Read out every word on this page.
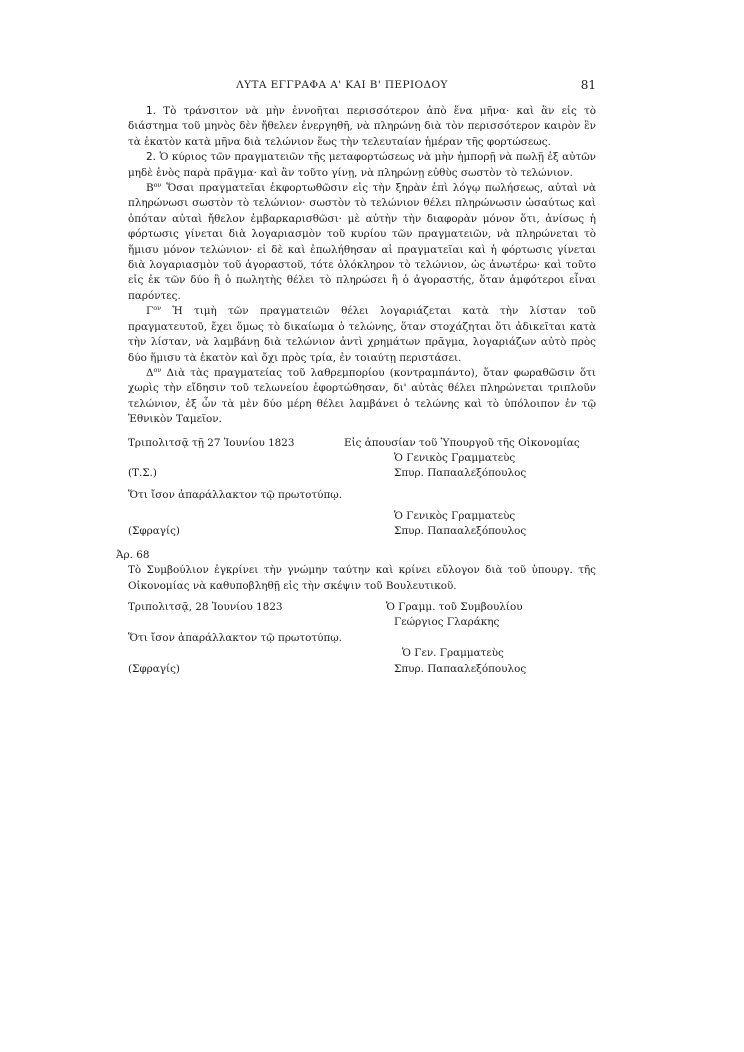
ΛΥΤΑ ΕΓΓΡΑΦΑ Α' ΚΑΙ Β' ΠΕΡΙΟΔΟΥ	81

1. Τὸ τράνσιτον νὰ μὴν ἐννοῆται περισσότερον ἀπὸ ἕνα μῆνα· καὶ ἂν εἰς τὸ διάστημα τοῦ μηνὸς δὲν ἤθελεν ἐνεργηθῆ, νὰ πληρώνῃ διὰ τὸν περισσότερον καιρὸν ἓν τὰ ἑκατὸν κατὰ μῆνα διὰ τελώνιον ἕως τὴν τελευταίαν ἡμέραν τῆς φορτώσεως.

2. Ὁ κύριος τῶν πραγματειῶν τῆς μεταφορτώσεως νὰ μὴν ἠμπορῇ νὰ πωλῇ ἐξ αὐτῶν μηδὲ ἑνὸς παρὰ πρᾶγμα· καὶ ἂν τοῦτο γίνῃ, νὰ πληρώνῃ εὐθὺς σωστὸν τὸ τελώνιον.

$B^{o\nu}$ Ὅσαι πραγματεῖαι ἐκφορτωθῶσιν εἰς τὴν ξηρὰν ἐπὶ λόγῳ πωλήσεως, αὐταὶ νὰ πληρώνωσι σωστὸν τὸ τελώνιον· σωστὸν τὸ τελώνιον θέλει πληρώνωσιν ὡσαύτως καὶ ὁπόταν αὐταὶ ἤθελον ἐμβαρκαρισθῶσι· μὲ αὐτὴν τὴν διαφορὰν μόνον ὅτι, ἀνίσως ἡ φόρτωσις γίνεται διὰ λογαριασμὸν τοῦ κυρίου τῶν πραγματειῶν, νὰ πληρώνεται τὸ ἥμισυ μόνον τελώνιον· εἰ δὲ καὶ ἐπωλήθησαν αἱ πραγματεῖαι καὶ ἡ φόρτωσις γίνεται διὰ λογαριασμὸν τοῦ ἀγοραστοῦ, τότε ὁλόκληρον τὸ τελώνιον, ὡς ἀνωτέρω· καὶ τοῦτο εἰς ἐκ τῶν δύο ἢ ὁ πωλητὴς θέλει τὸ πληρώσει ἢ ὁ ἀγοραστής, ὅταν ἀμφότεροι εἶναι παρόντες.

$\Gamma^{o\nu}$ Ἡ τιμὴ τῶν πραγματειῶν θέλει λογαριάζεται κατὰ τὴν λίσταν τοῦ πραγματευτοῦ, ἔχει ὅμως τὸ δικαίωμα ὁ τελώνης, ὅταν στοχάζηται ὅτι ἀδικεῖται κατὰ τὴν λίσταν, νὰ λαμβάνῃ διὰ τελώνιον ἀντὶ χρημάτων πρᾶγμα, λογαριάζων αὐτὸ πρὸς δύο ἥμισυ τὰ ἑκατὸν καὶ ὄχι πρὸς τρία, ἐν τοιαύτῃ περιστάσει.

$\Delta^{o\nu}$ Διὰ τὰς πραγματείας τοῦ λαθρεμπορίου (κοντραμπάντο), ὅταν φωραθῶσιν ὅτι χωρὶς τὴν εἴδησιν τοῦ τελωνείου ἐφορτώθησαν, δι' αὐτὰς θέλει πληρώνεται τριπλοῦν τελώνιον, ἐξ ὧν τὰ μὲν δύο μέρη θέλει λαμβάνει ὁ τελώνης καὶ τὸ ὑπόλοιπον ἐν τῷ Ἐθνικὸν Ταμεῖον.

Τριπολιτσᾷ τῇ 27 Ἰουνίου 1823	Εἰς ἀπουσίαν τοῦ Ὑπουργοῦ τῆς Οἰκονομίας
Ὁ Γενικὸς Γραμματεὺς
(Τ.Σ.)	Σπυρ. Παπααλεξόπουλος
Ὅτι ἴσον ἀπαράλλακτον τῷ πρωτοτύπῳ.
Ὁ Γενικὸς Γραμματεὺς
(Σφραγίς)	Σπυρ. Παπααλεξόπουλος
Ἀρ. 68

Τὸ Συμβούλιον ἐγκρίνει τὴν γνώμην ταύτην καὶ κρίνει εὔλογον διὰ τοῦ ὑπουργ. τῆς Οἰκονομίας νὰ καθυποβληθῇ εἰς τὴν σκέψιν τοῦ Βουλευτικοῦ.

Τριπολιτσᾷ, 28 Ἰουνίου 1823	Ὁ Γραμμ. τοῦ Συμβουλίου
Γεώργιος Γλαράκης
Ὅτι ἴσον ἀπαράλλακτον τῷ πρωτοτύπῳ.
Ὁ Γεν. Γραμματεὺς
(Σφραγίς)	Σπυρ. Παπααλεξόπουλος
